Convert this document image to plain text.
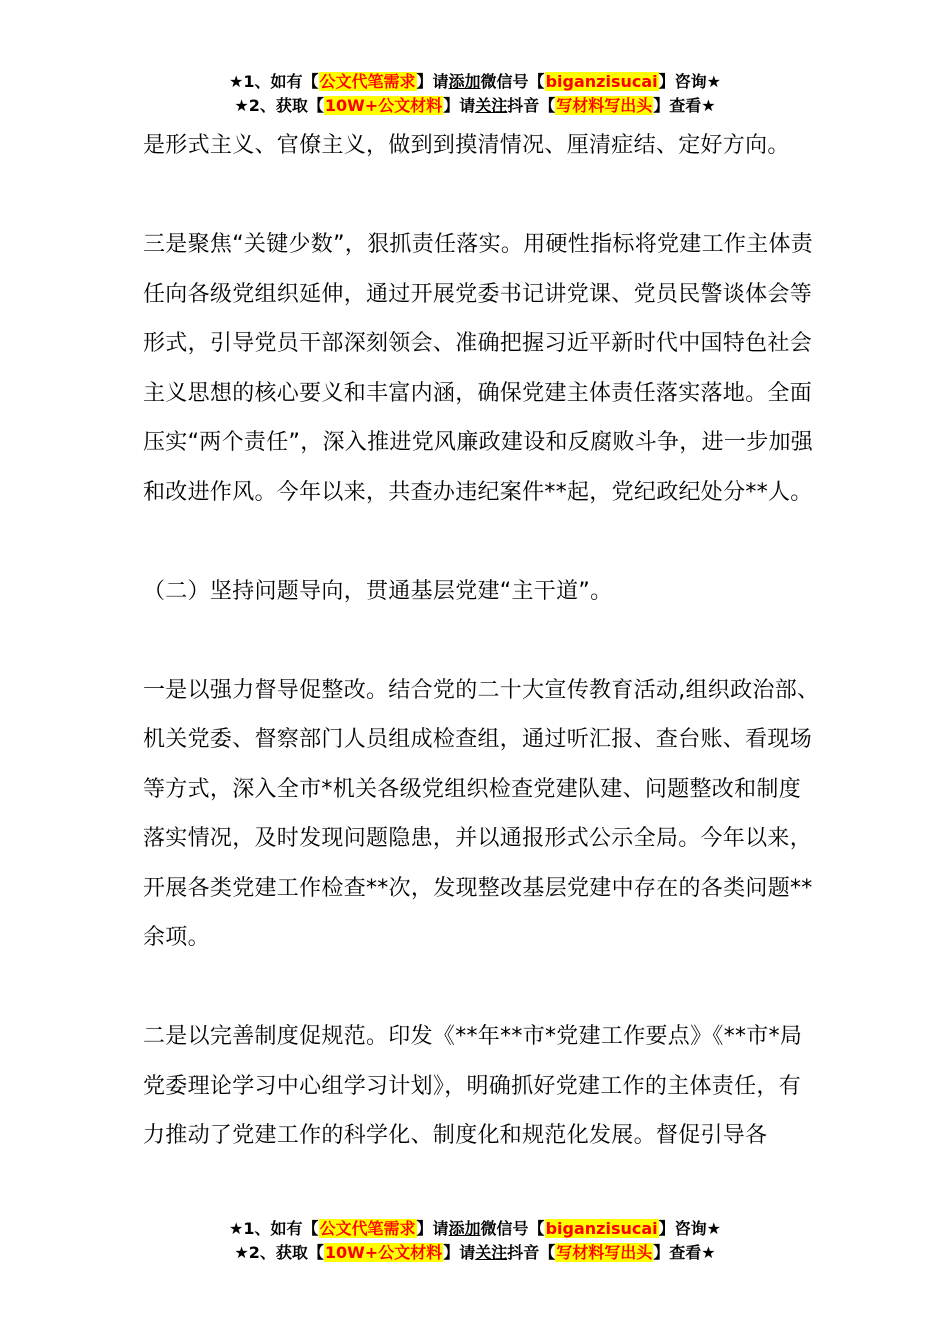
★1、如有【公文代笔需求】请添加微信号【biganzisucai】咨询★
★2、获取【10W+公文材料】请关注抖音【写材料写出头】查看★

是形式主义、官僚主义，做到到摸清情况、厘清症结、定好方向。

三是聚焦“关键少数”，狠抓责任落实。用硬性指标将党建工作主体责任向各级党组织延伸，通过开展党委书记讲党课、党员民警谈体会等形式，引导党员干部深刻领会、准确把握习近平新时代中国特色社会主义思想的核心要义和丰富内涵，确保党建主体责任落实落地。全面压实“两个责任”，深入推进党风廉政建设和反腐败斗争，进一步加强和改进作风。今年以来，共查办违纪案件**起，党纪政纪处分**人。

（二）坚持问题导向，贯通基层党建“主干道”。

一是以强力督导促整改。结合党的二十大宣传教育活动,组织政治部、机关党委、督察部门人员组成检查组，通过听汇报、查台账、看现场等方式，深入全市*机关各级党组织检查党建队建、问题整改和制度落实情况，及时发现问题隐患，并以通报形式公示全局。今年以来，开展各类党建工作检查**次，发现整改基层党建中存在的各类问题**余项。

二是以完善制度促规范。印发《**年**市*党建工作要点》《**市*局党委理论学习中心组学习计划》，明确抓好党建工作的主体责任，有力推动了党建工作的科学化、制度化和规范化发展。督促引导各

★1、如有【公文代笔需求】请添加微信号【biganzisucai】咨询★
★2、获取【10W+公文材料】请关注抖音【写材料写出头】查看★
